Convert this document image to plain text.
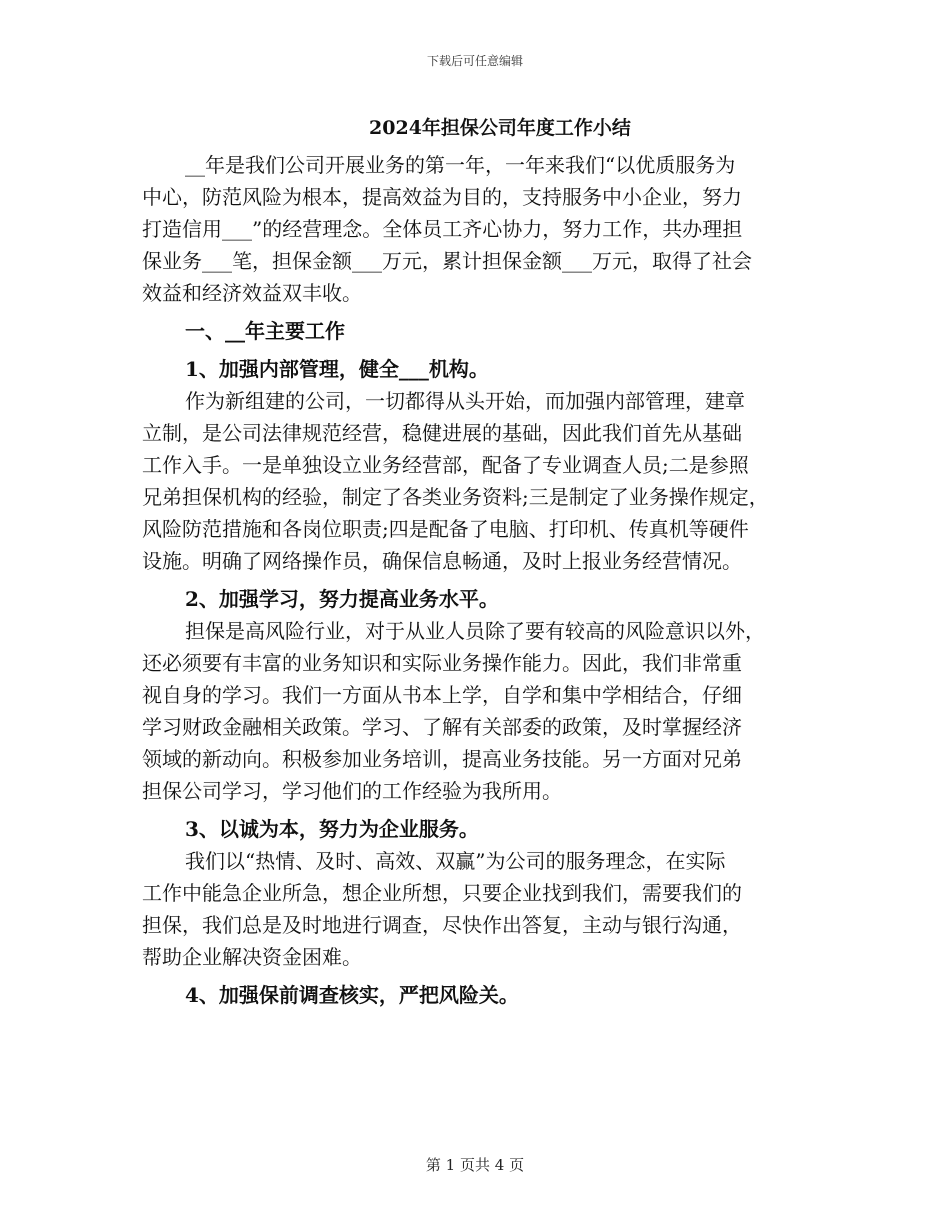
下载后可任意编辑
2024年担保公司年度工作小结

__年是我们公司开展业务的第一年，一年来我们“以优质服务为

中心，防范风险为根本，提高效益为目的，支持服务中小企业，努力

打造信用___”的经营理念。全体员工齐心协力，努力工作，共办理担

保业务___笔，担保金额___万元，累计担保金额___万元，取得了社会

效益和经济效益双丰收。

一、__年主要工作

1、加强内部管理，健全___机构。

作为新组建的公司，一切都得从头开始，而加强内部管理，建章

立制，是公司法律规范经营，稳健进展的基础，因此我们首先从基础

工作入手。一是单独设立业务经营部，配备了专业调查人员;二是参照

兄弟担保机构的经验，制定了各类业务资料;三是制定了业务操作规定，

风险防范措施和各岗位职责;四是配备了电脑、打印机、传真机等硬件

设施。明确了网络操作员，确保信息畅通，及时上报业务经营情况。

2、加强学习，努力提高业务水平。

担保是高风险行业，对于从业人员除了要有较高的风险意识以外，

还必须要有丰富的业务知识和实际业务操作能力。因此，我们非常重

视自身的学习。我们一方面从书本上学，自学和集中学相结合，仔细

学习财政金融相关政策。学习、了解有关部委的政策，及时掌握经济

领域的新动向。积极参加业务培训，提高业务技能。另一方面对兄弟

担保公司学习，学习他们的工作经验为我所用。

3、以诚为本，努力为企业服务。

我们以“热情、及时、高效、双赢”为公司的服务理念，在实际

工作中能急企业所急，想企业所想，只要企业找到我们，需要我们的

担保，我们总是及时地进行调查，尽快作出答复，主动与银行沟通，

帮助企业解决资金困难。

4、加强保前调查核实，严把风险关。

第 1 页共 4 页
